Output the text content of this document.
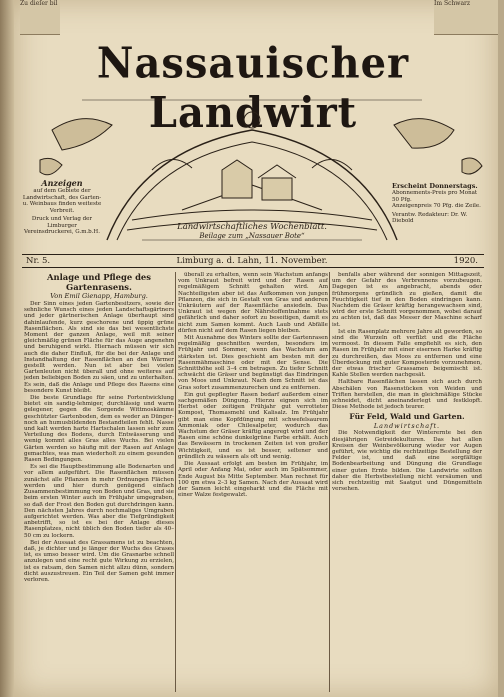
Zu dieſer bil	Im Schwarz
Nassauischer Landwirt
Anzeigen
auf dem Gebiete der Landwirtschaft, des Garten- u. Weinbaus finden weiteste Verbreit.
Druck und Verlag der Limburger Vereinsdruckerei, G.m.b.H.
Erscheint Donnerstags.
Abonnements-Preis pro Monat 50 Pfg.
Anzeigenpreis 70 Pfg. die Zeile.
Verantw. Redakteur: Dr. W. Diebold
Landwirtschaftliches Wochenblatt.
Beilage zum „Nassauer Bote“
Nr. 5.	Limburg a. d. Lahn, 11. November.	1920.
Anlage und Pflege des Gartenrasens.
Von Emil Gienapp, Hamburg.

Der Sinn eines jeden Gartenbesitzers, sowie der sehnliche Wunsch eines jeden Landschaftsgärtners und jeder gärtnerischen Anlage überhaupt sind dahinlaufende, kurz geschorene und üppig grüne Rasenflächen. Als sind sie das bei wesentlichste Moment der ganzen Anlage, weil mit seiner gleichmäßig grünen Fläche für das Auge angenehm und beruhigend wirkt. Hiernach müssen wir sich auch die daher Einfluß, für die bei der Anlage und Instandhaltung der Rasenflächen an den Wärmer gestellt werden. Nun ist aber bei vielen Gartenleuten nicht überall und ohne weiteres auf jeden beliebigen Boden zu säen, und zu unterhalten. Es sein, daß die Anlage und Pflege des Rasens eine besondere Kunst bleibt.

Die beste Grundlage für seine Fortentwicklung bietet ein sandig-lehmiger, durchlässig und warm gelegener, gegen die Sorgende Wittmoskämme geschützter Gartenboden, dem es weder an Dünger- noch an humusbildenden Bestandteilen fehlt. Nasse und kalt werden harte Hartschalen lassen sehr zum Verteilung des Bodens, durch Entwässerung und wenig kommt alles Gras alles Wuchs. Bei vielen Gärten werden so häufig mit der Rasen auf Anlage gemachtes, was man wiederholt zu einem gesunden Rasen Bedingungen.

Es sei die Hauptbestimmung alle Bodenarten und vor allem aufgeführt. Die Rasenflächen müssen zunächst alle Pflanzen in mehr Ordnungen Flächen werden und hier durch genügend einfach Zusammenbestimmung von Boden und Gras, und sie beim ersten Winter auch im Frühjahr umgegraben, so daß der Frost den Boden gut durchdringen kann. Den nächsten Jahres durch nochmaliges Umgraben aufgerichtet werden. Was aber die Tiefgründigkeit anbetrifft, so ist es bei der Anlage dieses Rasenplatzes, nicht üblich den Boden tiefer als 40–50 cm zu lockern.

Bei der Aussaat des Grassamens ist zu beachten, daß, je dichter und je länger der Wuchs des Grases ist, es umso besser wird. Um die Grasnarbe schnell anzulegen und eine recht gute Wirkung zu erzielen, ist es ratsam, den Samen nicht allzu dünn, sondern dicht auszustreuen. Ein Teil der Samen geht immer verloren.

überall zu erhalten, wenn sein Wachstum anfangs vom Unkraut befreit wird und der Rasen auf regelmäßigem Schnitt gehalten wird. Am Nachteiligsten aber ist das Aufkommen von jungen Pflanzen, die sich in Gestalt von Gras und anderen Unkräutern auf der Rasenfläche ansiedeln. Das Unkraut ist wegen der Nährstoffentnahme stets gefährlich und daher sofort zu beseitigen, damit es nicht zum Samen kommt. Auch Laub und Abfälle dürfen nicht auf dem Rasen liegen bleiben.

Mit Ausnahme des Winters sollte der Gartenrasen regelmäßig geschnitten werden, besonders im Frühjahr und Sommer, wenn das Wachstum am stärksten ist. Dies geschieht am besten mit der Rasenmähmaschine oder mit der Sense. Die Schnitthöhe soll 3–4 cm betragen. Zu tiefer Schnitt schwächt die Gräser und begünstigt das Eindringen von Moos und Unkraut. Nach dem Schnitt ist das Gras sofort zusammenzurechen und zu entfernen.

Ein gut gepflegter Rasen bedarf außerdem einer sachgemäßen Düngung. Hierzu eignen sich im Herbst oder zeitigen Frühjahr gut verrotteter Kompost, Thomasmehl und Kalisalz. Im Frühjahr gibt man eine Kopfdüngung mit schwefelsaurem Ammoniak oder Chilesalpeter, wodurch das Wachstum der Gräser kräftig angeregt wird und der Rasen eine schöne dunkelgrüne Farbe erhält. Auch das Bewässern in trockenen Zeiten ist von großer Wichtigkeit, und es ist besser, seltener und gründlich zu wässern als oft und wenig.

Die Aussaat erfolgt am besten im Frühjahr, im April oder Anfang Mai, oder auch im Spätsommer, Ende August bis Mitte September. Man rechnet für 100 qm etwa 2–3 kg Samen. Nach der Aussaat wird der Samen leicht eingeharkt und die Fläche mit einer Walze festgewalzt.

benfalls aber während der sonnigen Mittagszeit, um der Gefahr des Verbrennens vorzubeugen. Dagegen ist es angebracht, abends oder frühmorgens gründlich zu gießen, damit die Feuchtigkeit tief in den Boden eindringen kann. Nachdem die Gräser kräftig herangewachsen sind, wird der erste Schnitt vorgenommen, wobei darauf zu achten ist, daß das Messer der Maschine scharf ist.

Ist ein Rasenplatz mehrere Jahre alt geworden, so sind die Wurzeln oft verfilzt und die Fläche vermoost. In diesem Falle empfiehlt es sich, den Rasen im Frühjahr mit einer eisernen Harke kräftig zu durchreißen, das Moos zu entfernen und eine Überdeckung mit guter Komposterde vorzunehmen, der etwas frischer Grassamen beigemischt ist. Kahle Stellen werden nachgesät.

Haltbare Rasenflächen lassen sich auch durch Abschälen von Rasenstücken von Weiden und Triften herstellen, die man in gleichmäßige Stücke schneidet, dicht aneinanderlegt und festklopft. Diese Methode ist jedoch teurer.

Für Feld, Wald und Garten.
Landwirtschaft.

Die Notwendigkeit der Winterernte bei den diesjährigen Getreidekulturen. Das hat allen Kreisen der Weinbevölkerung wieder vor Augen geführt, wie wichtig die rechtzeitige Bestellung der Felder ist, und daß eine sorgfältige Bodenbearbeitung und Düngung die Grundlage einer guten Ernte bilden. Die Landwirte sollten daher die Herbstbestellung nicht versäumen und sich rechtzeitig mit Saatgut und Düngemitteln versehen.
